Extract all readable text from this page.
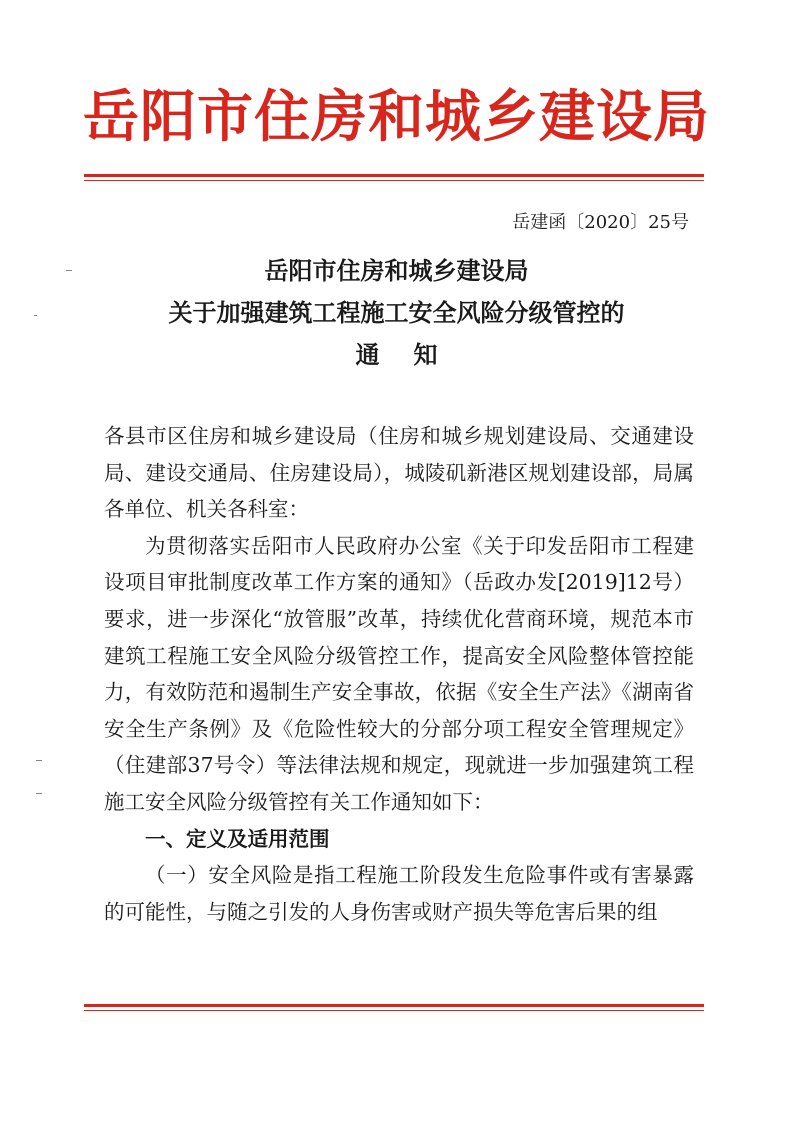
岳阳市住房和城乡建设局
岳建函〔2020〕25号
岳阳市住房和城乡建设局
关于加强建筑工程施工安全风险分级管控的
通知

各县市区住房和城乡建设局（住房和城乡规划建设局、交通建设局、建设交通局、住房建设局），城陵矶新港区规划建设部，局属各单位、机关各科室：

为贯彻落实岳阳市人民政府办公室《关于印发岳阳市工程建设项目审批制度改革工作方案的通知》（岳政办发[2019]12号）要求，进一步深化“放管服”改革，持续优化营商环境，规范本市建筑工程施工安全风险分级管控工作，提高安全风险整体管控能力，有效防范和遏制生产安全事故，依据《安全生产法》《湖南省安全生产条例》及《危险性较大的分部分项工程安全管理规定》（住建部37号令）等法律法规和规定，现就进一步加强建筑工程施工安全风险分级管控有关工作通知如下：

一、定义及适用范围

（一）安全风险是指工程施工阶段发生危险事件或有害暴露的可能性，与随之引发的人身伤害或财产损失等危害后果的组
